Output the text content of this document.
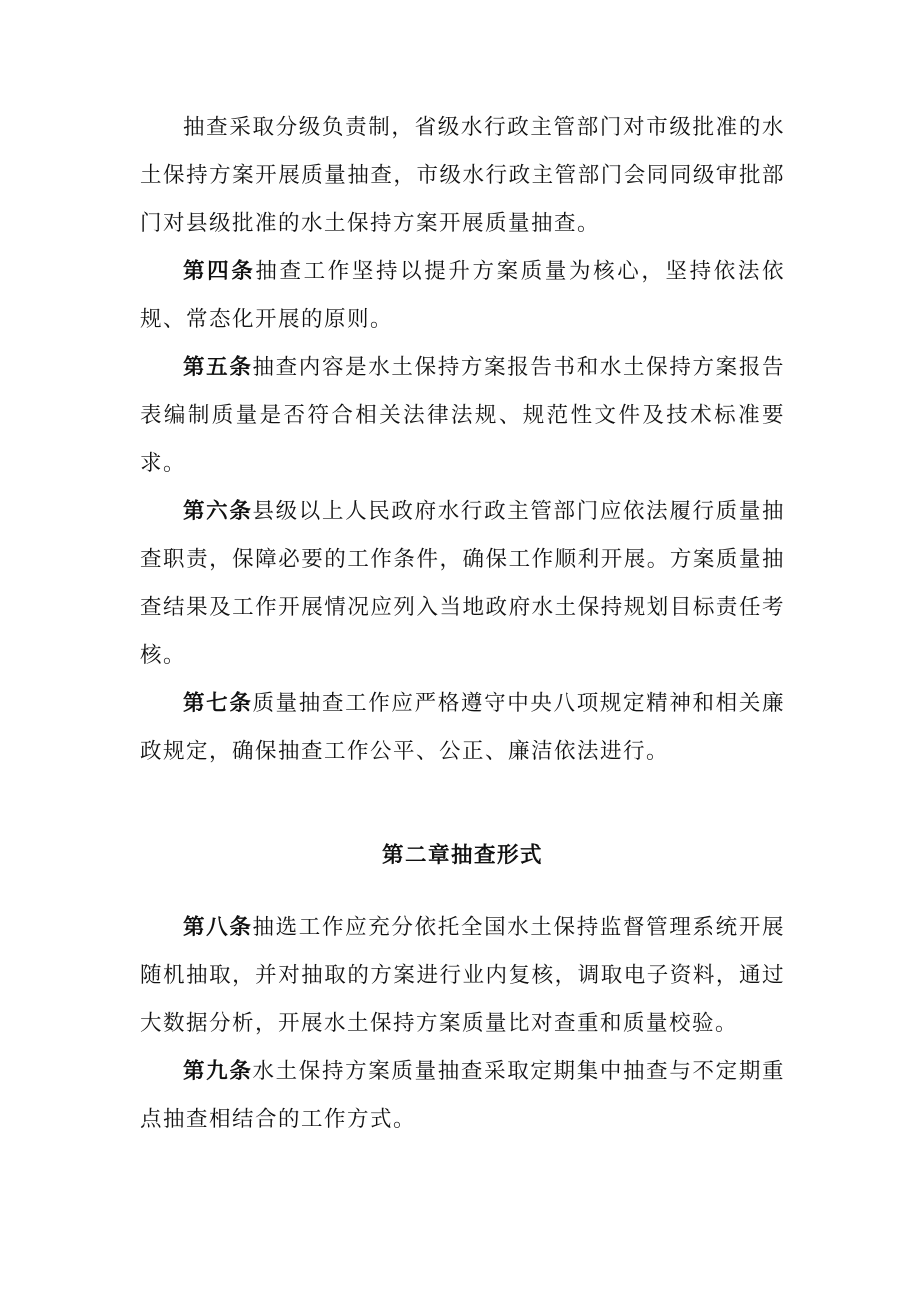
抽查采取分级负责制，省级水行政主管部门对市级批准的水土保持方案开展质量抽查，市级水行政主管部门会同同级审批部门对县级批准的水土保持方案开展质量抽查。

第四条抽查工作坚持以提升方案质量为核心，坚持依法依规、常态化开展的原则。

第五条抽查内容是水土保持方案报告书和水土保持方案报告表编制质量是否符合相关法律法规、规范性文件及技术标准要求。

第六条县级以上人民政府水行政主管部门应依法履行质量抽查职责，保障必要的工作条件，确保工作顺利开展。方案质量抽查结果及工作开展情况应列入当地政府水土保持规划目标责任考核。

第七条质量抽查工作应严格遵守中央八项规定精神和相关廉政规定，确保抽查工作公平、公正、廉洁依法进行。

第二章抽查形式

第八条抽选工作应充分依托全国水土保持监督管理系统开展随机抽取，并对抽取的方案进行业内复核，调取电子资料，通过大数据分析，开展水土保持方案质量比对查重和质量校验。

第九条水土保持方案质量抽查采取定期集中抽查与不定期重点抽查相结合的工作方式。
